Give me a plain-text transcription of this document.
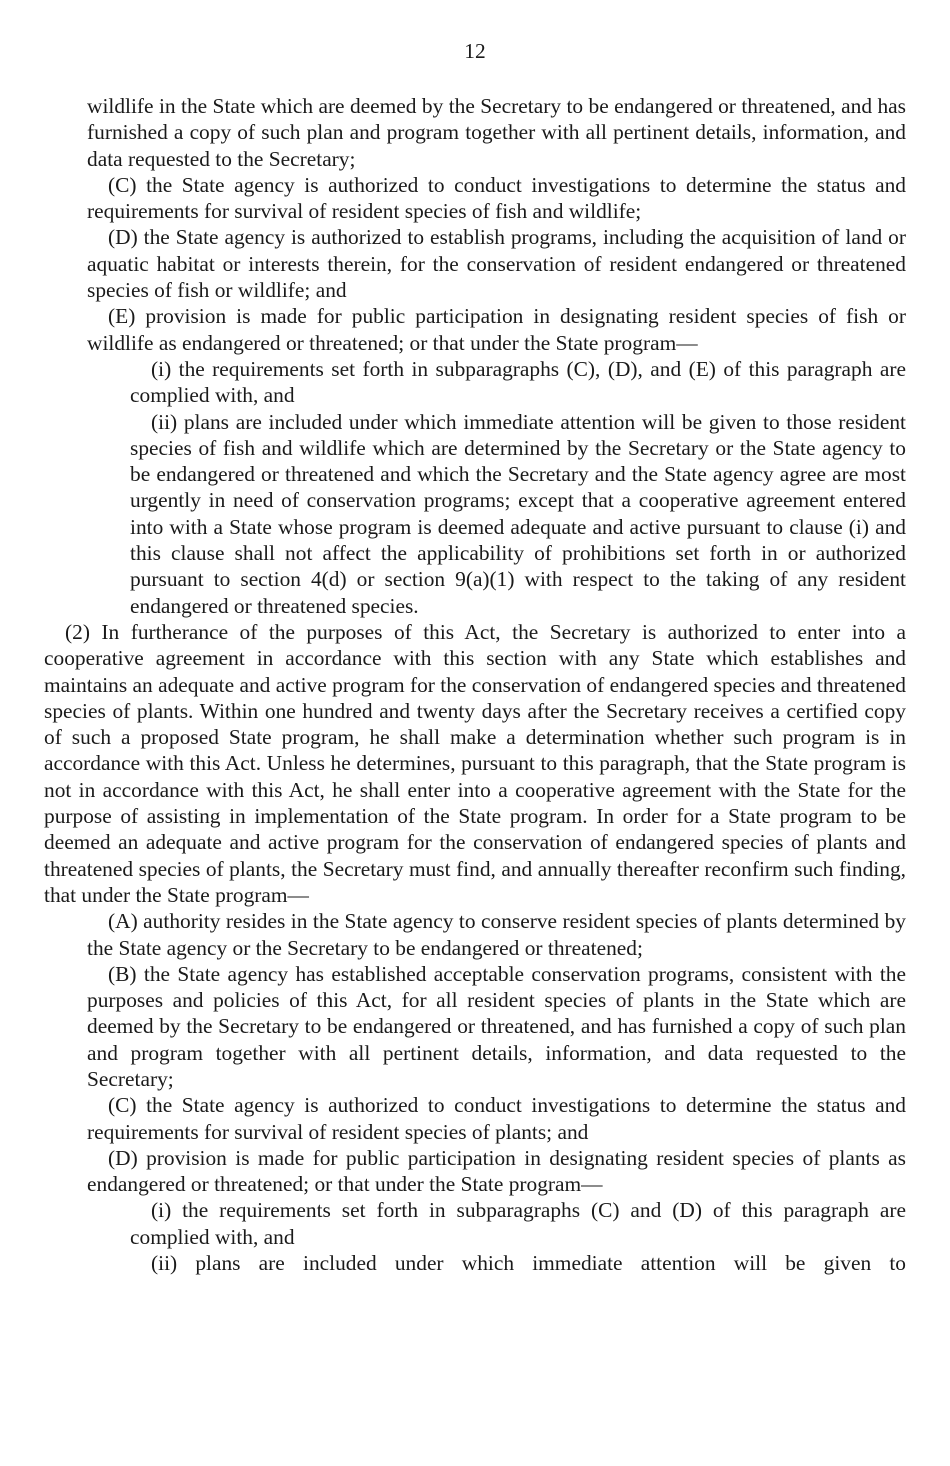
12

wildlife in the State which are deemed by the Secretary to be endangered or threatened, and has furnished a copy of such plan and program together with all pertinent details, information, and data requested to the Secretary;

(C) the State agency is authorized to conduct investigations to determine the status and requirements for survival of resident species of fish and wildlife;

(D) the State agency is authorized to establish programs, including the acquisition of land or aquatic habitat or interests therein, for the conservation of resident endangered or threatened species of fish or wildlife; and

(E) provision is made for public participation in designating resident species of fish or wildlife as endangered or threatened; or that under the State program—

(i) the requirements set forth in subparagraphs (C), (D), and (E) of this paragraph are complied with, and

(ii) plans are included under which immediate attention will be given to those resident species of fish and wildlife which are determined by the Secretary or the State agency to be endangered or threatened and which the Secretary and the State agency agree are most urgently in need of conservation programs; except that a cooperative agreement entered into with a State whose program is deemed adequate and active pursuant to clause (i) and this clause shall not affect the applicability of prohibitions set forth in or authorized pursuant to section 4(d) or section 9(a)(1) with respect to the taking of any resident endangered or threatened species.

(2) In furtherance of the purposes of this Act, the Secretary is authorized to enter into a cooperative agreement in accordance with this section with any State which establishes and maintains an adequate and active program for the conservation of endangered species and threatened species of plants. Within one hundred and twenty days after the Secretary receives a certified copy of such a proposed State program, he shall make a determination whether such program is in accordance with this Act. Unless he determines, pursuant to this paragraph, that the State program is not in accordance with this Act, he shall enter into a cooperative agreement with the State for the purpose of assisting in implementation of the State program. In order for a State program to be deemed an adequate and active program for the conservation of endangered species of plants and threatened species of plants, the Secretary must find, and annually thereafter reconfirm such finding, that under the State program—

(A) authority resides in the State agency to conserve resident species of plants determined by the State agency or the Secretary to be endangered or threatened;

(B) the State agency has established acceptable conservation programs, consistent with the purposes and policies of this Act, for all resident species of plants in the State which are deemed by the Secretary to be endangered or threatened, and has furnished a copy of such plan and program together with all pertinent details, information, and data requested to the Secretary;

(C) the State agency is authorized to conduct investigations to determine the status and requirements for survival of resident species of plants; and

(D) provision is made for public participation in designating resident species of plants as endangered or threatened; or that under the State program—

(i) the requirements set forth in subparagraphs (C) and (D) of this paragraph are complied with, and

(ii) plans are included under which immediate attention will be given to
